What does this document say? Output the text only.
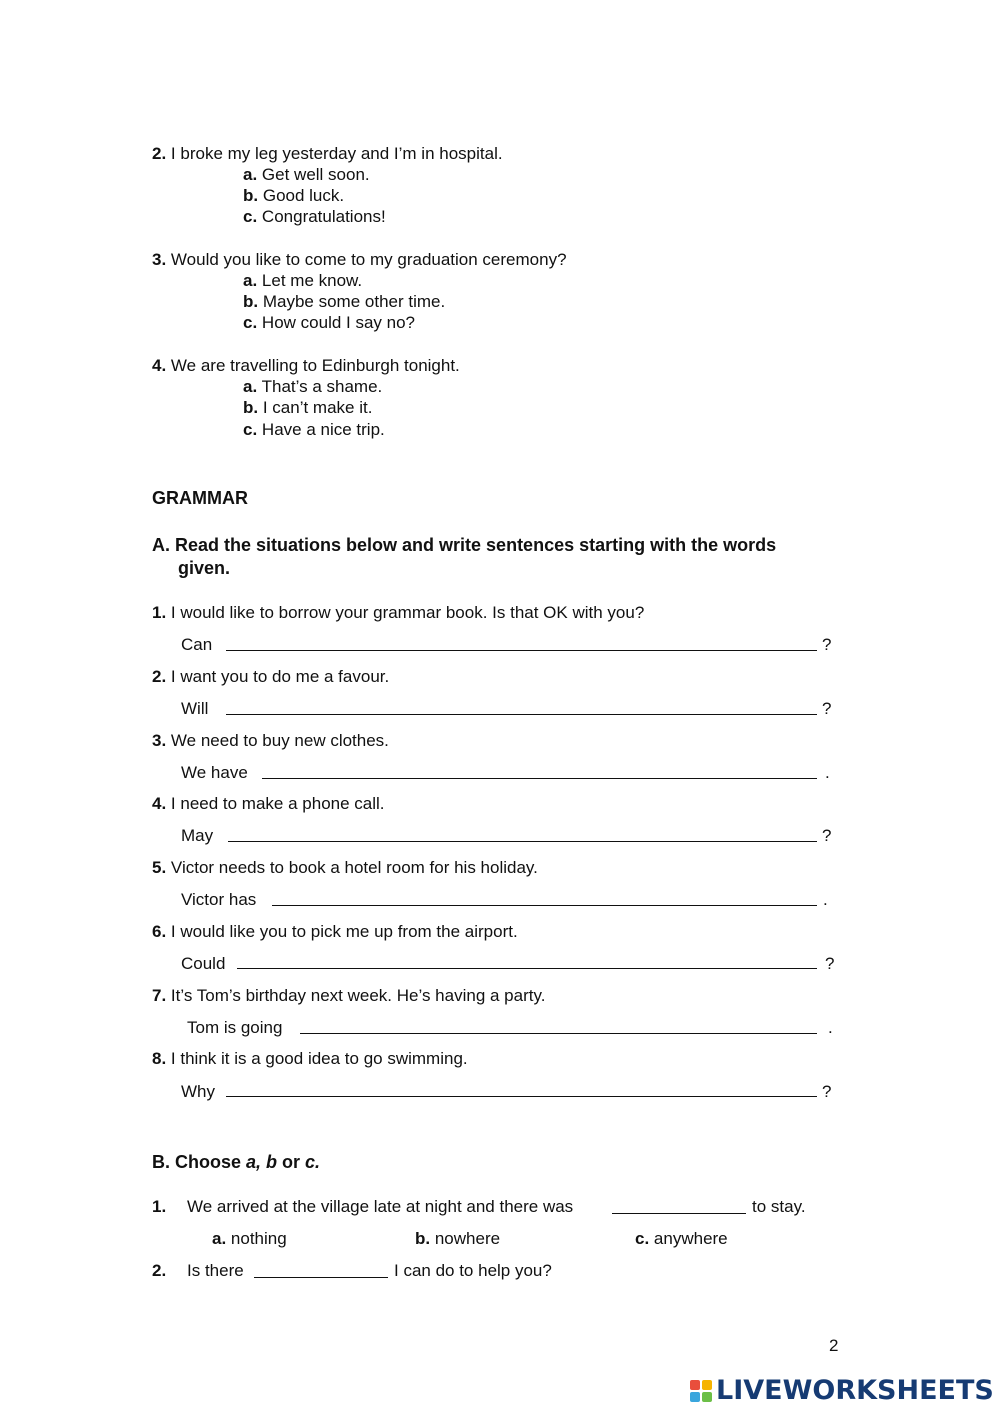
2. I broke my leg yesterday and I’m in hospital.
a. Get well soon.
b. Good luck.
c. Congratulations!
3. Would you like to come to my graduation ceremony?
a. Let me know.
b. Maybe some other time.
c. How could I say no?
4. We are travelling to Edinburgh tonight.
a. That’s a shame.
b. I can’t make it.
c. Have a nice trip.
GRAMMAR
A. Read the situations below and write sentences starting with the words
given.
1. I would like to borrow your grammar book. Is that OK with you?
Can	?
2. I want you to do me a favour.
Will	?
3. We need to buy new clothes.
We have	.
4. I need to make a phone call.
May	?
5. Victor needs to book a hotel room for his holiday.
Victor has	.
6. I would like you to pick me up from the airport.
Could	?
7. It’s Tom’s birthday next week. He’s having a party.
Tom is going	.
8. I think it is a good idea to go swimming.
Why	?
B. Choose a, b or c.
1. We arrived at the village late at night and there was	to stay.
a. nothing	b. nowhere	c. anywhere
2. Is there	I can do to help you?
2
LIVEWORKSHEETS
